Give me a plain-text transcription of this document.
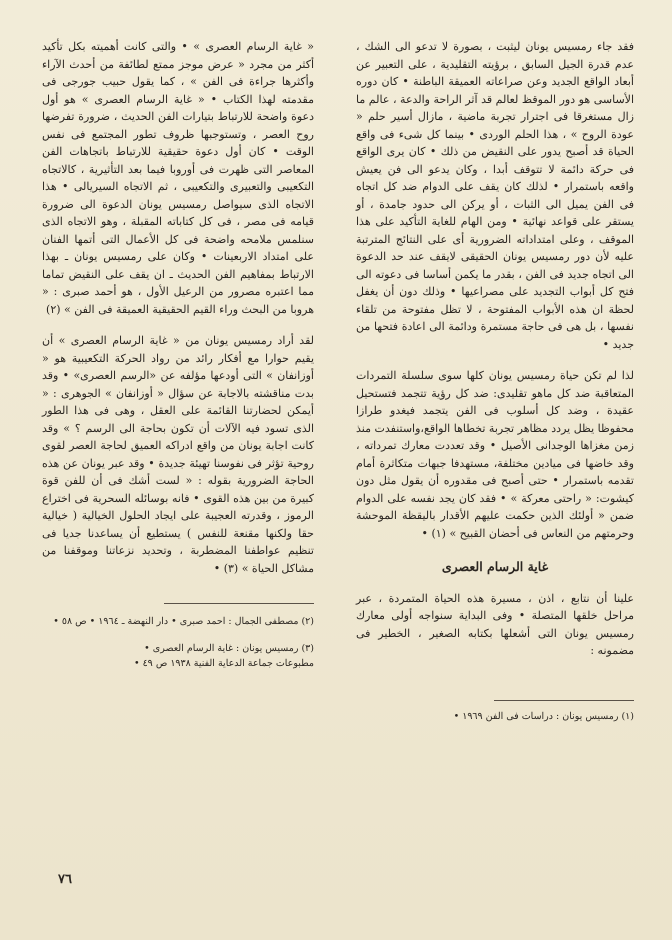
فقد جاء رمسيس يونان ليثبت ، بصورة لا تدعو الى الشك ، عدم قدرة الجيل السابق ، برؤيته التقليدية ، على التعبير عن أبعاد الواقع الجديد وعن صراعاته العميقة الباطنة • كان دوره الأساسى هو دور الموقظ لعالم قد آثر الراحة والدعة ، عالم ما زال مستغرقا فى اجترار تجربة ماضية ، مازال أسير حلم « عودة الروح » ، هذا الحلم الوردى • بينما كل شىء فى واقع الحياة قد أصبح يدور على النقيض من ذلك • كان يرى الواقع فى حركة دائمة لا تتوقف أبدا ، وكان يدعو الى فن يعيش واقعه باستمرار • لذلك كان يقف على الدوام ضد كل اتجاه فى الفن يميل الى الثبات ، أو يركن الى حدود جامدة ، أو يستقر على قواعد نهائية • ومن الهام للغاية التأكيد على هذا الموقف ، وعلى امتداداته الضرورية أى على النتائج المترتبة عليه لأن دور رمسيس يونان الحقيقى لايقف عند حد الدعوة الى اتجاه جديد فى الفن ، بقدر ما يكمن أساسا فى دعوته الى فتح كل أبواب التجديد على مصراعيها • وذلك دون أن يغفل لحظة ان هذه الأبواب المفتوحة ، لا تظل مفتوحة من تلقاء نفسها ، بل هى فى حاجة مستمرة ودائمة الى اعادة فتحها من جديد •

لذا لم تكن حياة رمسيس يونان كلها سوى سلسلة التمردات المتعاقبة ضد كل ماهو تقليدى: ضد كل رؤية تتجمد فتستحيل عقيدة ، وضد كل أسلوب فى الفن يتجمد فيغدو طرازا محفوظا يظل يردد مظاهر تجربة تخطاها الواقع،واستنفدت منذ زمن مغزاها الوجدانى الأصيل • وقد تعددت معارك تمرداته ، وقد خاضها فى ميادين مختلفة، مستهدفا جبهات متكاثرة أمام تقدمه باستمرار • حتى أصبح فى مقدوره أن يقول مثل دون كيشوت: « راحتى معركة » • فقد كان يجد نفسه على الدوام ضمن « أولئك الذين حكمت عليهم الأقدار باليقظة الموحشة وحرمتهم من النعاس فى أحضان القبيح » (١) •

غاية الرسام العصرى

علينا أن نتابع ، اذن ، مسيرة هذه الحياة المتمردة ، عبر مراحل خلقها المتصلة • وفى البداية سنواجه أولى معارك رمسيس يونان التى أشعلها بكتابه الصغير ، الخطير فى مضمونه :

(١) رمسيس يونان : دراسات فى الفن ١٩٦٩ •

« غاية الرسام العصرى » • والتى كانت أهميته بكل تأكيد أكثر من مجرد « عرض موجز ممتع لطائفة من أحدث الآراء وأكثرها جراءة فى الفن » ، كما يقول حبيب جورجى فى مقدمته لهذا الكتاب • « غاية الرسام العصرى » هو أول دعوة واضحة للارتباط بتيارات الفن الحديث ، ضرورة تفرضها روح العصر ، وتستوجبها ظروف تطور المجتمع فى نفس الوقت • كان أول دعوة حقيقية للارتباط باتجاهات الفن المعاصر التى ظهرت فى أوروبا فيما بعد التأثيرية ، كالاتجاه التكعيبى والتعبيرى والتكعيبى ، ثم الاتجاه السيريالى • هذا الاتجاه الذى سيواصل رمسيس يونان الدعوة الى ضرورة قيامه فى مصر ، فى كل كتاباته المقبلة ، وهو الاتجاه الذى سنلمس ملامحه واضحة فى كل الأعمال التى أتمها الفنان على امتداد الاربعينات • وكان على رمسيس يونان ـ بهذا الارتباط بمفاهيم الفن الحديث ـ ان يقف على النقيض تماما مما اعتبره مصرور من الرعيل الأول ، هو أحمد صبرى : « هروبا من البحث وراء القيم الحقيقية العميقة فى الفن » (٢)

لقد أراد رمسيس يونان من « غاية الرسام العصرى » أن يقيم حوارا مع أفكار رائد من رواد الحركة التكعيبية هو « أوزانفان » التى أودعها مؤلفه عن «الرسم العصرى» • وقد بدت مناقشته بالاجابة عن سؤال « أوزانفان » الجوهرى : « أيمكن لحضارتنا القائمة على العقل ، وهى فى هذا الطور الذى تسود فيه الآلات أن تكون بحاجة الى الرسم ؟ » وقد كانت اجابة يونان من واقع ادراكه العميق لحاجة العصر لقوى روحية تؤثر فى نفوسنا تهيئة جديدة • وقد عبر يونان عن هذه الحاجة الضرورية بقوله : « لست أشك فى أن للفن قوة كبيرة من بين هذه القوى • فانه بوسائله السحرية فى اختراع الرموز ، وقدرته العجيبة على ايجاد الحلول الخيالية ( خيالية حقا ولكنها مقنعة للنفس ) يستطيع أن يساعدنا جديا فى تنظيم عواطفنا المضطربة ، وتحديد نزعاتنا وموقفنا من مشاكل الحياة » (٣) •

(٢) مصطفى الجمال : احمد صبرى • دار النهضة ـ ١٩٦٤ • ص ٥٨ •

(٣) رمسيس يونان : غاية الرسام العصرى •

مطبوعات جماعة الدعاية الفنية ١٩٣٨ ص ٤٩ •

٧٦
